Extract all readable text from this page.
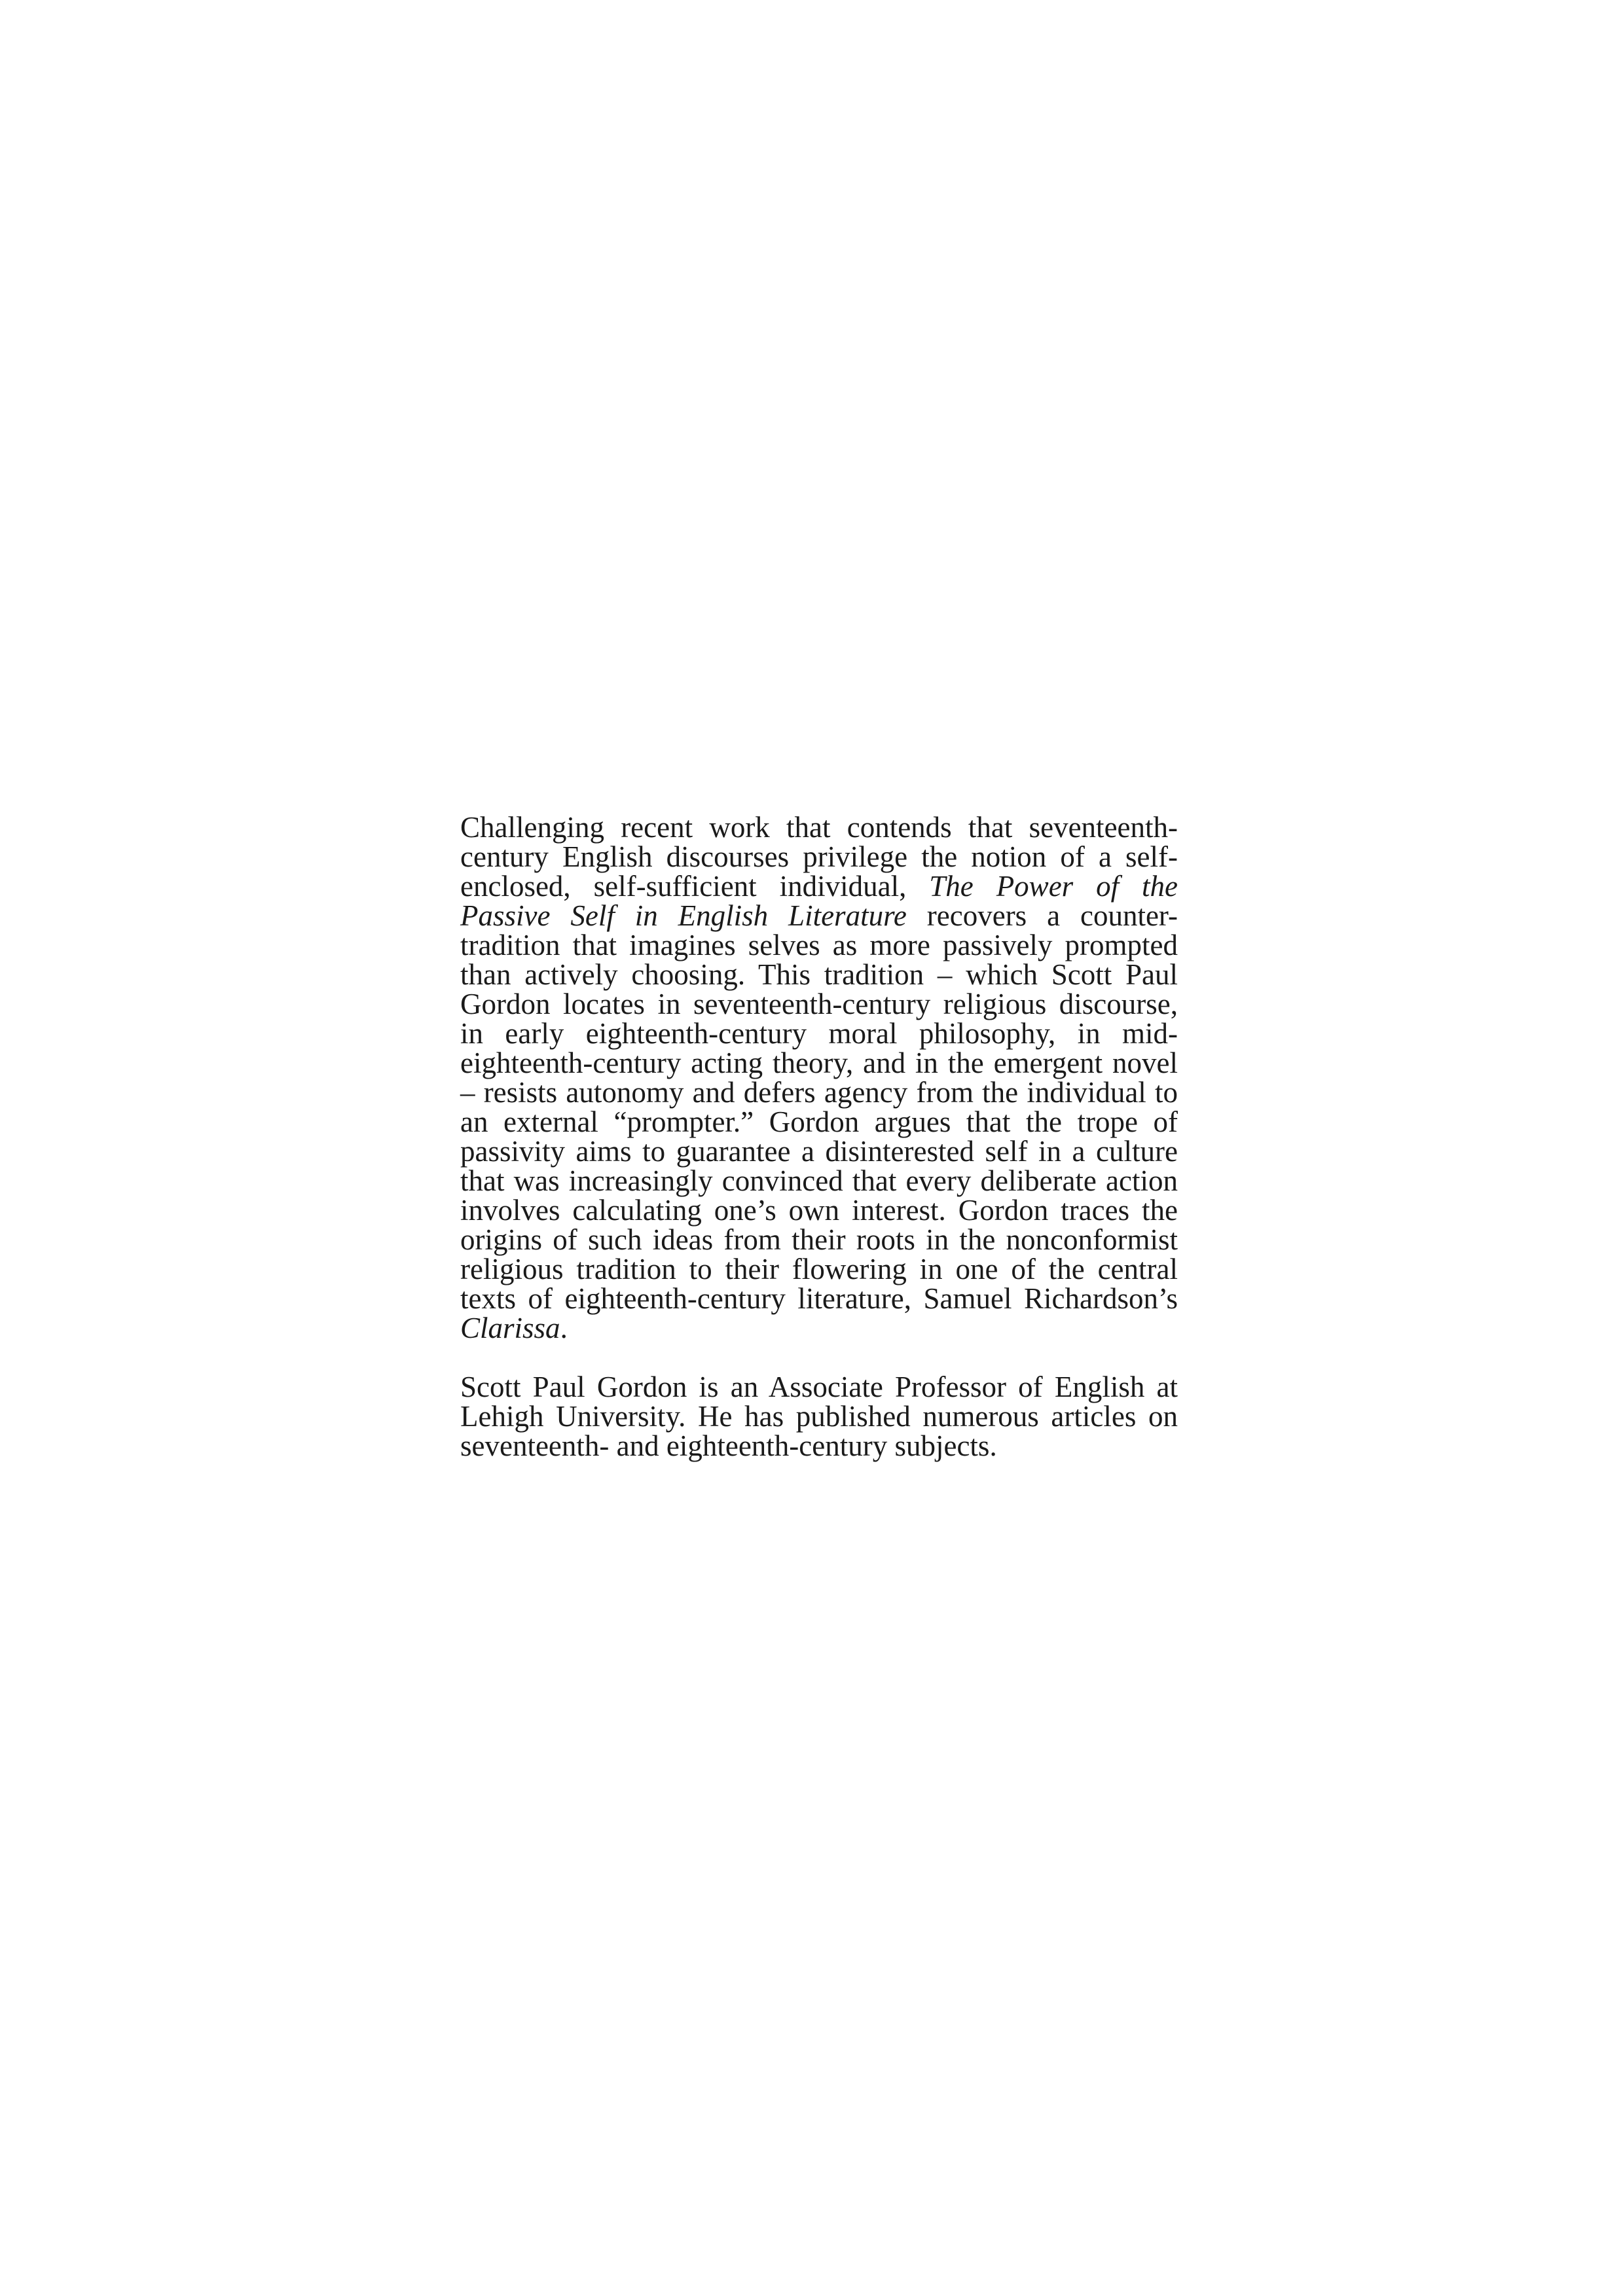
Challenging recent work that contends that seventeenth-century English discourses privilege the notion of a self-enclosed, self-sufficient individual, The Power of the Passive Self in English Literature recovers a counter-tradition that imagines selves as more passively prompted than actively choosing. This tradition – which Scott Paul Gordon locates in seventeenth-century religious discourse, in early eighteenth-century moral philosophy, in mid-eighteenth-century acting theory, and in the emergent novel – resists autonomy and defers agency from the individual to an external “prompter.” Gordon argues that the trope of passivity aims to guarantee a disinterested self in a culture that was increasingly convinced that every deliberate action involves calculating one’s own interest. Gordon traces the origins of such ideas from their roots in the nonconformist religious tradition to their flowering in one of the central texts of eighteenth-century literature, Samuel Richardson’s Clarissa.

Scott Paul Gordon is an Associate Professor of English at Lehigh University. He has published numerous articles on seventeenth- and eighteenth-century subjects.
